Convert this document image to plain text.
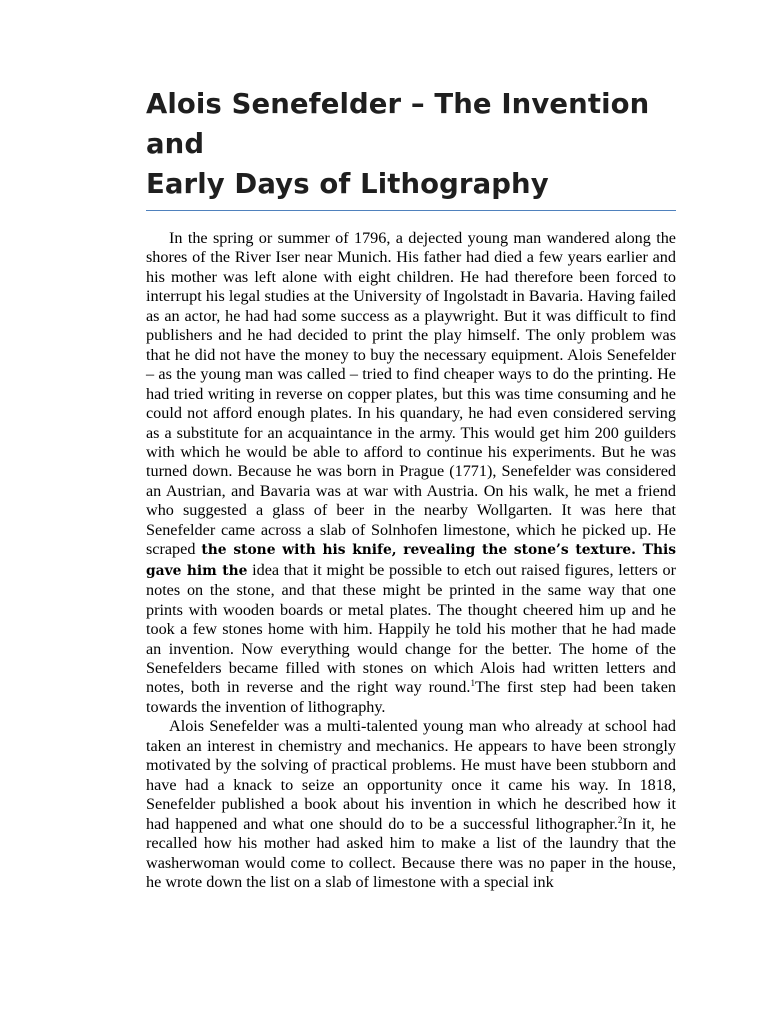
Alois Senefelder – The Invention and
Early Days of Lithography

In the spring or summer of 1796, a dejected young man wandered along the shores of the River Iser near Munich. His father had died a few years earlier and his mother was left alone with eight children. He had therefore been forced to interrupt his legal studies at the University of Ingolstadt in Bavaria. Having failed as an actor, he had had some success as a playwright. But it was difficult to find publishers and he had decided to print the play himself. The only problem was that he did not have the money to buy the necessary equipment. Alois Senefelder – as the young man was called – tried to find cheaper ways to do the printing. He had tried writing in reverse on copper plates, but this was time consuming and he could not afford enough plates. In his quandary, he had even considered serving as a substitute for an acquaintance in the army. This would get him 200 guilders with which he would be able to afford to continue his experiments. But he was turned down. Because he was born in Prague (1771), Senefelder was considered an Austrian, and Bavaria was at war with Austria. On his walk, he met a friend who suggested a glass of beer in the nearby Wollgarten. It was here that Senefelder came across a slab of Solnhofen limestone, which he picked up. He scraped the stone with his knife, revealing the stone’s texture. This gave him the idea that it might be possible to etch out raised figures, letters or notes on the stone, and that these might be printed in the same way that one prints with wooden boards or metal plates. The thought cheered him up and he took a few stones home with him. Happily he told his mother that he had made an invention. Now everything would change for the better. The home of the Senefelders became filled with stones on which Alois had written letters and notes, both in reverse and the right way round.$^1$The first step had been taken towards the invention of lithography.

Alois Senefelder was a multi-talented young man who already at school had taken an interest in chemistry and mechanics. He appears to have been strongly motivated by the solving of practical problems. He must have been stubborn and have had a knack to seize an opportunity once it came his way. In 1818, Senefelder published a book about his invention in which he described how it had happened and what one should do to be a successful lithographer.$^2$In it, he recalled how his mother had asked him to make a list of the laundry that the washerwoman would come to collect. Because there was no paper in the house, he wrote down the list on a slab of limestone with a special ink
